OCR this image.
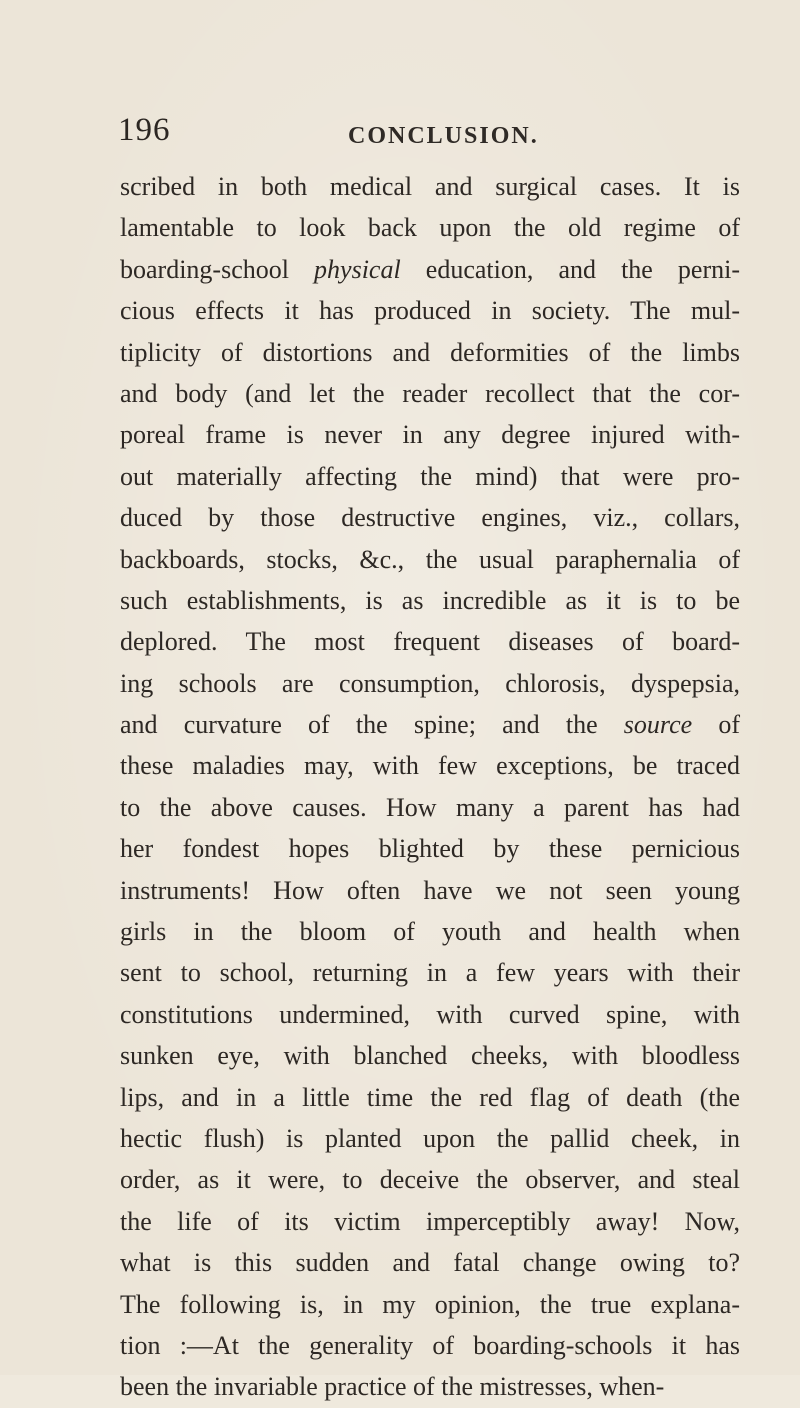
196	CONCLUSION.
scribed in both medical and surgical cases. It is
lamentable to look back upon the old regime of
boarding-school physical education, and the perni-
cious effects it has produced in society. The mul-
tiplicity of distortions and deformities of the limbs
and body (and let the reader recollect that the cor-
poreal frame is never in any degree injured with-
out materially affecting the mind) that were pro-
duced by those destructive engines, viz., collars,
backboards, stocks, &c., the usual paraphernalia of
such establishments, is as incredible as it is to be
deplored. The most frequent diseases of board-
ing schools are consumption, chlorosis, dyspepsia,
and curvature of the spine; and the source of
these maladies may, with few exceptions, be traced
to the above causes. How many a parent has had
her fondest hopes blighted by these pernicious
instruments! How often have we not seen young
girls in the bloom of youth and health when
sent to school, returning in a few years with their
constitutions undermined, with curved spine, with
sunken eye, with blanched cheeks, with bloodless
lips, and in a little time the red flag of death (the
hectic flush) is planted upon the pallid cheek, in
order, as it were, to deceive the observer, and steal
the life of its victim imperceptibly away! Now,
what is this sudden and fatal change owing to?
The following is, in my opinion, the true explana-
tion :—At the generality of boarding-schools it has
been the invariable practice of the mistresses, when-
